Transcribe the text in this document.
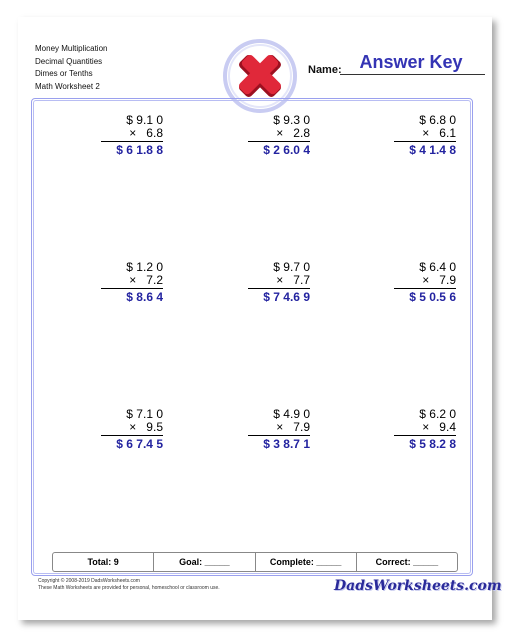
Money Multiplication
Decimal Quantities
Dimes or Tenths
Math Worksheet 2
Name: Answer Key
$ 9.1 0
×   6.8
$ 6 1.8 8
$ 9.3 0
×   2.8
$ 2 6.0 4
$ 6.8 0
×   6.1
$ 4 1.4 8
$ 1.2 0
×   7.2
$ 8.6 4
$ 9.7 0
×   7.7
$ 7 4.6 9
$ 6.4 0
×   7.9
$ 5 0.5 6
$ 7.1 0
×   9.5
$ 6 7.4 5
$ 4.9 0
×   7.9
$ 3 8.7 1
$ 6.2 0
×   9.4
$ 5 8.2 8
Total: 9	Goal: _____	Complete: _____	Correct: _____
Copyright © 2008-2019 DadsWorksheets.com
These Math Worksheets are provided for personal, homeschool or classroom use.	DadsWorksheets.com
